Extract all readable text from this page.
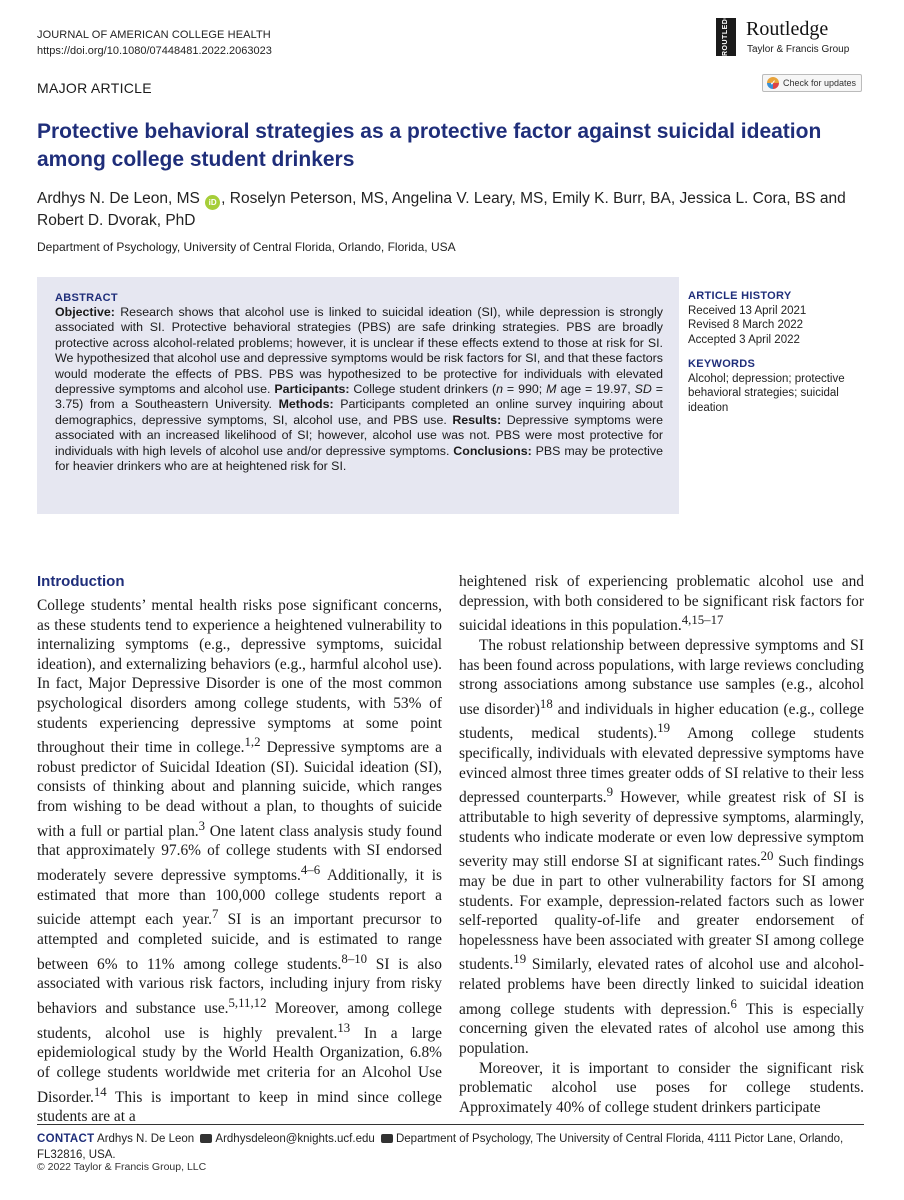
JOURNAL OF AMERICAN COLLEGE HEALTH
https://doi.org/10.1080/07448481.2022.2063023	ROUTLEDGE Routledge
Taylor & Francis Group
MAJOR ARTICLE	✓ Check for updates
Protective behavioral strategies as a protective factor against suicidal ideation among college student drinkers
Ardhys N. De Leon, MS iD , Roselyn Peterson, MS, Angelina V. Leary, MS, Emily K. Burr, BA, Jessica L. Cora, BS and Robert D. Dvorak, PhD
Department of Psychology, University of Central Florida, Orlando, Florida, USA
ABSTRACT
Objective: Research shows that alcohol use is linked to suicidal ideation (SI), while depression is strongly associated with SI. Protective behavioral strategies (PBS) are safe drinking strategies. PBS are broadly protective across alcohol-related problems; however, it is unclear if these effects extend to those at risk for SI. We hypothesized that alcohol use and depressive symptoms would be risk factors for SI, and that these factors would moderate the effects of PBS. PBS was hypothesized to be protective for individuals with elevated depressive symptoms and alcohol use. Participants: College student drinkers (n = 990; M age = 19.97, SD = 3.75) from a Southeastern University. Methods: Participants completed an online survey inquiring about demographics, depressive symptoms, SI, alcohol use, and PBS use. Results: Depressive symptoms were associated with an increased likelihood of SI; however, alcohol use was not. PBS were most protective for individuals with high levels of alcohol use and/or depressive symptoms. Conclusions: PBS may be protective for heavier drinkers who are at heightened risk for SI.
ARTICLE HISTORY
Received 13 April 2021
Revised 8 March 2022
Accepted 3 April 2022
KEYWORDS
Alcohol; depression; protective behavioral strategies; suicidal ideation
Introduction

College students’ mental health risks pose significant concerns, as these students tend to experience a heightened vulnerability to internalizing symptoms (e.g., depressive symptoms, suicidal ideation), and externalizing behaviors (e.g., harmful alcohol use). In fact, Major Depressive Disorder is one of the most common psychological disorders among college students, with 53% of students experiencing depressive symptoms at some point throughout their time in college.$^{1,2}$ Depressive symptoms are a robust predictor of Suicidal Ideation (SI). Suicidal ideation (SI), consists of thinking about and planning suicide, which ranges from wishing to be dead without a plan, to thoughts of suicide with a full or partial plan.$^3$ One latent class analysis study found that approximately 97.6% of college students with SI endorsed moderately severe depressive symptoms.$^{4-6}$ Additionally, it is estimated that more than 100,000 college students report a suicide attempt each year.$^7$ SI is an important precursor to attempted and completed suicide, and is estimated to range between 6% to 11% among college students.$^{8-10}$ SI is also associated with various risk factors, including injury from risky behaviors and substance use.$^{5,11,12}$ Moreover, among college students, alcohol use is highly prevalent.$^{13}$ In a large epidemiological study by the World Health Organization, 6.8% of college students worldwide met criteria for an Alcohol Use Disorder.$^{14}$ This is important to keep in mind since college students are at a

heightened risk of experiencing problematic alcohol use and depression, with both considered to be significant risk factors for suicidal ideations in this population.$^{4,15-17}$

The robust relationship between depressive symptoms and SI has been found across populations, with large reviews concluding strong associations among substance use samples (e.g., alcohol use disorder)$^{18}$ and individuals in higher education (e.g., college students, medical students).$^{19}$ Among college students specifically, individuals with elevated depressive symptoms have evinced almost three times greater odds of SI relative to their less depressed counterparts.$^9$ However, while greatest risk of SI is attributable to high severity of depressive symptoms, alarmingly, students who indicate moderate or even low depressive symptom severity may still endorse SI at significant rates.$^{20}$ Such findings may be due in part to other vulnerability factors for SI among students. For example, depression-related factors such as lower self-reported quality-of-life and greater endorsement of hopelessness have been associated with greater SI among college students.$^{19}$ Similarly, elevated rates of alcohol use and alcohol-related problems have been directly linked to suicidal ideation among college students with depression.$^6$ This is especially concerning given the elevated rates of alcohol use among this population.

Moreover, it is important to consider the significant risk problematic alcohol use poses for college students. Approximately 40% of college student drinkers participate

CONTACT Ardhys N. De Leon Ardhysdeleon@knights.ucf.edu Department of Psychology, The University of Central Florida, 4111 Pictor Lane, Orlando, FL32816, USA.
© 2022 Taylor & Francis Group, LLC
